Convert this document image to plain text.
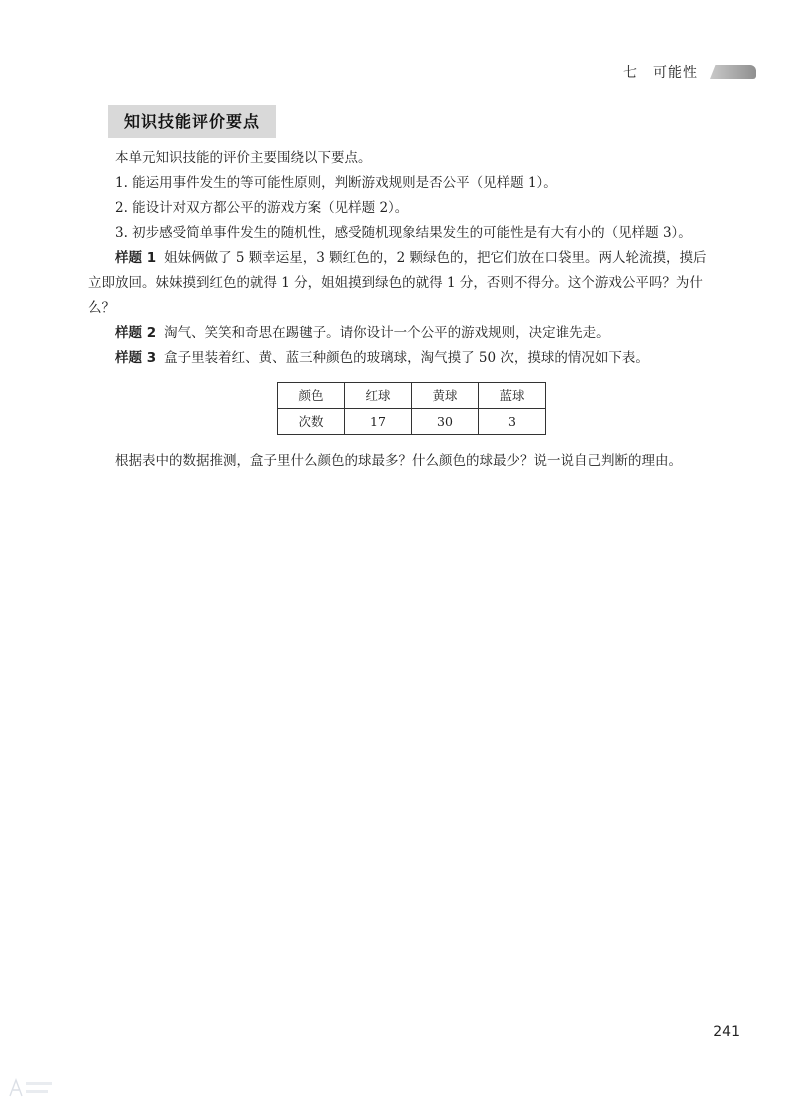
七　可能性
知识技能评价要点

本单元知识技能的评价主要围绕以下要点。

1. 能运用事件发生的等可能性原则，判断游戏规则是否公平（见样题 1）。

2. 能设计对双方都公平的游戏方案（见样题 2）。

3. 初步感受简单事件发生的随机性，感受随机现象结果发生的可能性是有大有小的（见样题 3）。

样题 1 姐妹俩做了 5 颗幸运星，3 颗红色的，2 颗绿色的，把它们放在口袋里。两人轮流摸，摸后立即放回。妹妹摸到红色的就得 1 分，姐姐摸到绿色的就得 1 分，否则不得分。这个游戏公平吗？为什么？

样题 2 淘气、笑笑和奇思在踢毽子。请你设计一个公平的游戏规则，决定谁先走。

样题 3 盒子里装着红、黄、蓝三种颜色的玻璃球，淘气摸了 50 次，摸球的情况如下表。

颜色	红球	黄球	蓝球
次数	17	30	3

根据表中的数据推测，盒子里什么颜色的球最多？什么颜色的球最少？说一说自己判断的理由。

241
